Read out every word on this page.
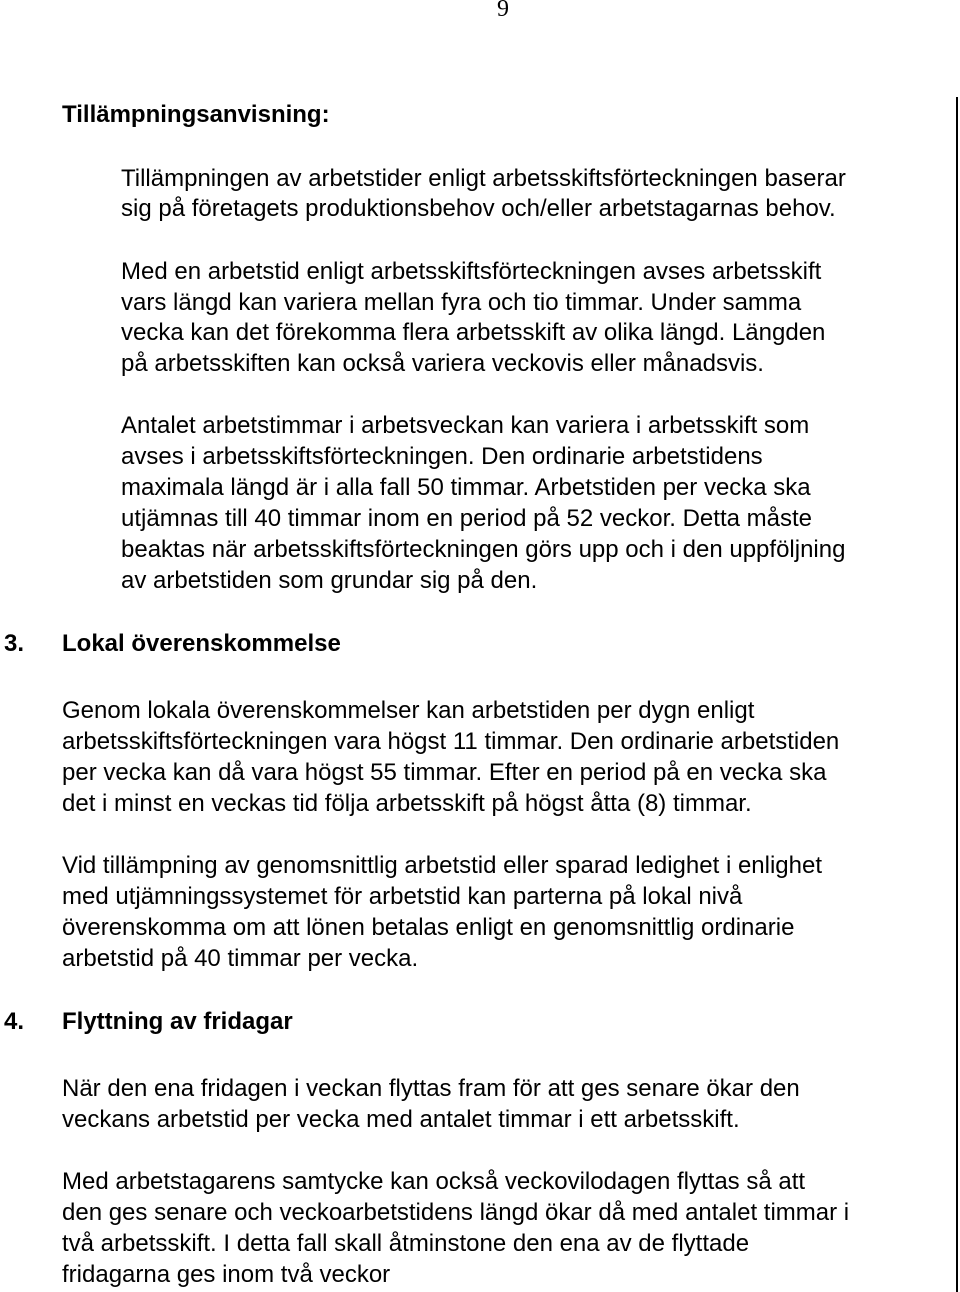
9
Tillämpningsanvisning:
Tillämpningen av arbetstider enligt arbetsskiftsförteckningen baserar
sig på företagets produktionsbehov och/eller arbetstagarnas behov.
Med en arbetstid enligt arbetsskiftsförteckningen avses arbetsskift
vars längd kan variera mellan fyra och tio timmar. Under samma
vecka kan det förekomma flera arbetsskift av olika längd. Längden
på arbetsskiften kan också variera veckovis eller månadsvis.
Antalet arbetstimmar i arbetsveckan kan variera i arbetsskift som
avses i arbetsskiftsförteckningen. Den ordinarie arbetstidens
maximala längd är i alla fall 50 timmar. Arbetstiden per vecka ska
utjämnas till 40 timmar inom en period på 52 veckor. Detta måste
beaktas när arbetsskiftsförteckningen görs upp och i den uppföljning
av arbetstiden som grundar sig på den.
3. Lokal överenskommelse
Genom lokala överenskommelser kan arbetstiden per dygn enligt
arbetsskiftsförteckningen vara högst 11 timmar. Den ordinarie arbetstiden
per vecka kan då vara högst 55 timmar. Efter en period på en vecka ska
det i minst en veckas tid följa arbetsskift på högst åtta (8) timmar.
Vid tillämpning av genomsnittlig arbetstid eller sparad ledighet i enlighet
med utjämningssystemet för arbetstid kan parterna på lokal nivå
överenskomma om att lönen betalas enligt en genomsnittlig ordinarie
arbetstid på 40 timmar per vecka.
4. Flyttning av fridagar
När den ena fridagen i veckan flyttas fram för att ges senare ökar den
veckans arbetstid per vecka med antalet timmar i ett arbetsskift.
Med arbetstagarens samtycke kan också veckovilodagen flyttas så att
den ges senare och veckoarbetstidens längd ökar då med antalet timmar i
två arbetsskift. I detta fall skall åtminstone den ena av de flyttade
fridagarna ges inom två veckor
